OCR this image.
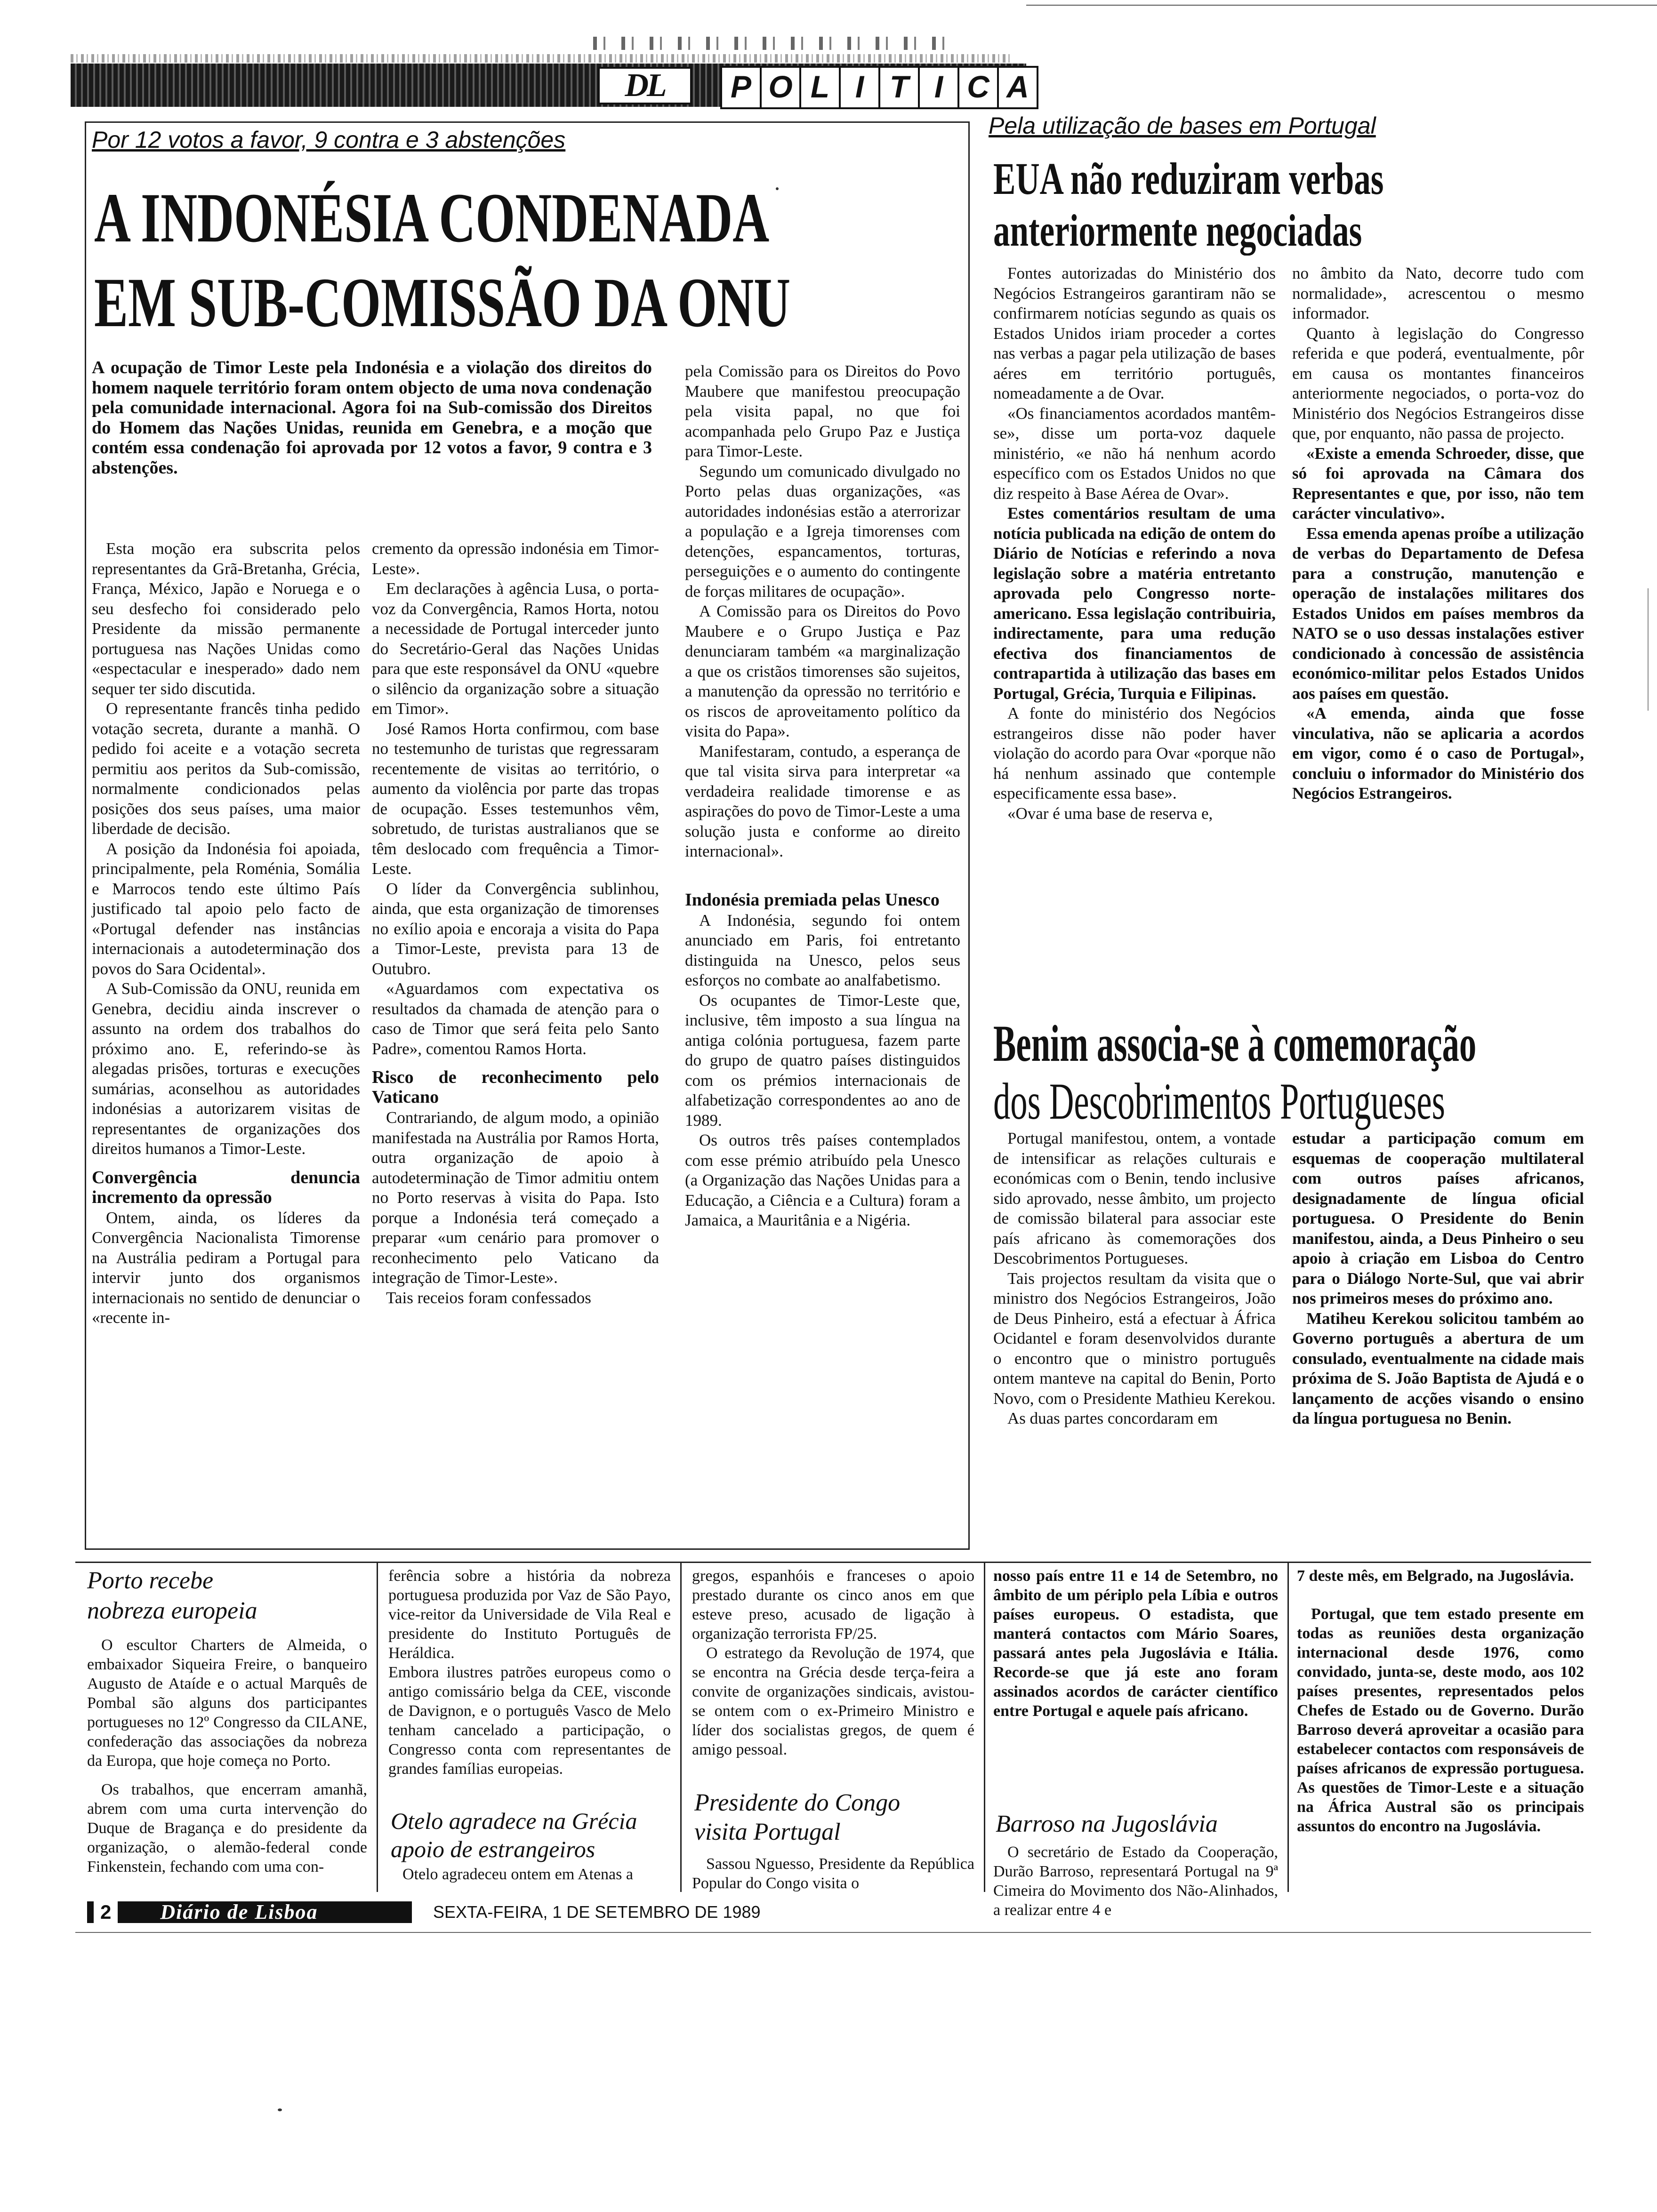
DL P O L I T I C A
Por 12 votos a favor, 9 contra e 3 abstenções
A INDONÉSIA CONDENADA
EM SUB-COMISSÃO DA ONU
A ocupação de Timor Leste pela Indonésia e a violação dos direitos do homem naquele território foram ontem objecto de uma nova condenação pela comunidade internacional. Agora foi na Sub-comissão dos Direitos do Homem das Nações Unidas, reunida em Genebra, e a moção que contém essa condenação foi aprovada por 12 votos a favor, 9 contra e 3 abstenções.

Esta moção era subscrita pelos representantes da Grã-Bretanha, Grécia, França, México, Japão e Noruega e o seu desfecho foi considerado pelo Presidente da missão permanente portuguesa nas Nações Unidas como «espectacular e inesperado» dado nem sequer ter sido discutida.

O representante francês tinha pedido votação secreta, durante a manhã. O pedido foi aceite e a votação secreta permitiu aos peritos da Sub-comissão, normalmente condicionados pelas posições dos seus países, uma maior liberdade de decisão.

A posição da Indonésia foi apoiada, principalmente, pela Roménia, Somália e Marrocos tendo este último País justificado tal apoio pelo facto de «Portugal defender nas instâncias internacionais a autodeterminação dos povos do Sara Ocidental».

A Sub-Comissão da ONU, reunida em Genebra, decidiu ainda inscrever o assunto na ordem dos trabalhos do próximo ano. E, referindo-se às alegadas prisões, torturas e execuções sumárias, aconselhou as autoridades indonésias a autorizarem visitas de representantes de organizações dos direitos humanos a Timor-Leste.

Convergência denuncia incremento da opressão

Ontem, ainda, os líderes da Convergência Nacionalista Timorense na Austrália pediram a Portugal para intervir junto dos organismos internacionais no sentido de denunciar o «recente in-

cremento da opressão indonésia em Timor-Leste».

Em declarações à agência Lusa, o porta-voz da Convergência, Ramos Horta, notou a necessidade de Portugal interceder junto do Secretário-Geral das Nações Unidas para que este responsável da ONU «quebre o silêncio da organização sobre a situação em Timor».

José Ramos Horta confirmou, com base no testemunho de turistas que regressaram recentemente de visitas ao território, o aumento da violência por parte das tropas de ocupação. Esses testemunhos vêm, sobretudo, de turistas australianos que se têm deslocado com frequência a Timor-Leste.

O líder da Convergência sublinhou, ainda, que esta organização de timorenses no exílio apoia e encoraja a visita do Papa a Timor-Leste, prevista para 13 de Outubro.

«Aguardamos com expectativa os resultados da chamada de atenção para o caso de Timor que será feita pelo Santo Padre», comentou Ramos Horta.

Risco de reconhecimento pelo Vaticano

Contrariando, de algum modo, a opinião manifestada na Austrália por Ramos Horta, outra organização de apoio à autodeterminação de Timor admitiu ontem no Porto reservas à visita do Papa. Isto porque a Indonésia terá começado a preparar «um cenário para promover o reconhecimento pelo Vaticano da integração de Timor-Leste».

Tais receios foram confessados

pela Comissão para os Direitos do Povo Maubere que manifestou preocupação pela visita papal, no que foi acompanhada pelo Grupo Paz e Justiça para Timor-Leste.

Segundo um comunicado divulgado no Porto pelas duas organizações, «as autoridades indonésias estão a aterrorizar a população e a Igreja timorenses com detenções, espancamentos, torturas, perseguições e o aumento do contingente de forças militares de ocupação».

A Comissão para os Direitos do Povo Maubere e o Grupo Justiça e Paz denunciaram também «a marginalização a que os cristãos timorenses são sujeitos, a manutenção da opressão no território e os riscos de aproveitamento político da visita do Papa».

Manifestaram, contudo, a esperança de que tal visita sirva para interpretar «a verdadeira realidade timorense e as aspirações do povo de Timor-Leste a uma solução justa e conforme ao direito internacional».

Indonésia premiada pelas Unesco

A Indonésia, segundo foi ontem anunciado em Paris, foi entretanto distinguida na Unesco, pelos seus esforços no combate ao analfabetismo.

Os ocupantes de Timor-Leste que, inclusive, têm imposto a sua língua na antiga colónia portuguesa, fazem parte do grupo de quatro países distinguidos com os prémios internacionais de alfabetização correspondentes ao ano de 1989.

Os outros três países contemplados com esse prémio atribuído pela Unesco (a Organização das Nações Unidas para a Educação, a Ciência e a Cultura) foram a Jamaica, a Mauritânia e a Nigéria.

Pela utilização de bases em Portugal
EUA não reduziram verbas
anteriormente negociadas

Fontes autorizadas do Ministério dos Negócios Estrangeiros garantiram não se confirmarem notícias segundo as quais os Estados Unidos iriam proceder a cortes nas verbas a pagar pela utilização de bases aéres em território português, nomeadamente a de Ovar.

«Os financiamentos acordados mantêm-se», disse um porta-voz daquele ministério, «e não há nenhum acordo específico com os Estados Unidos no que diz respeito à Base Aérea de Ovar».

Estes comentários resultam de uma notícia publicada na edição de ontem do Diário de Notícias e referindo a nova legislação sobre a matéria entretanto aprovada pelo Congresso norte-americano. Essa legislação contribuiria, indirectamente, para uma redução efectiva dos financiamentos de contrapartida à utilização das bases em Portugal, Grécia, Turquia e Filipinas.

A fonte do ministério dos Negócios estrangeiros disse não poder haver violação do acordo para Ovar «porque não há nenhum assinado que contemple especificamente essa base».

«Ovar é uma base de reserva e,

no âmbito da Nato, decorre tudo com normalidade», acrescentou o mesmo informador.

Quanto à legislação do Congresso referida e que poderá, eventualmente, pôr em causa os montantes financeiros anteriormente negociados, o porta-voz do Ministério dos Negócios Estrangeiros disse que, por enquanto, não passa de projecto.

«Existe a emenda Schroeder, disse, que só foi aprovada na Câmara dos Representantes e que, por isso, não tem carácter vinculativo».

Essa emenda apenas proíbe a utilização de verbas do Departamento de Defesa para a construção, manutenção e operação de instalações militares dos Estados Unidos em países membros da NATO se o uso dessas instalações estiver condicionado à concessão de assistência económico-militar pelos Estados Unidos aos países em questão.

«A emenda, ainda que fosse vinculativa, não se aplicaria a acordos em vigor, como é o caso de Portugal», concluiu o informador do Ministério dos Negócios Estrangeiros.

Benim associa-se à comemoração
dos Descobrimentos Portugueses

Portugal manifestou, ontem, a vontade de intensificar as relações culturais e económicas com o Benin, tendo inclusive sido aprovado, nesse âmbito, um projecto de comissão bilateral para associar este país africano às comemorações dos Descobrimentos Portugueses.

Tais projectos resultam da visita que o ministro dos Negócios Estrangeiros, João de Deus Pinheiro, está a efectuar à África Ocidantel e foram desenvolvidos durante o encontro que o ministro português ontem manteve na capital do Benin, Porto Novo, com o Presidente Mathieu Kerekou.

As duas partes concordaram em

estudar a participação comum em esquemas de cooperação multilateral com outros países africanos, designadamente de língua oficial portuguesa. O Presidente do Benin manifestou, ainda, a Deus Pinheiro o seu apoio à criação em Lisboa do Centro para o Diálogo Norte-Sul, que vai abrir nos primeiros meses do próximo ano.

Matiheu Kerekou solicitou também ao Governo português a abertura de um consulado, eventualmente na cidade mais próxima de S. João Baptista de Ajudá e o lançamento de acções visando o ensino da língua portuguesa no Benin.

Porto recebe
nobreza europeia

O escultor Charters de Almeida, o embaixador Siqueira Freire, o banqueiro Augusto de Ataíde e o actual Marquês de Pombal são alguns dos participantes portugueses no 12º Congresso da CILANE, confederação das associações da nobreza da Europa, que hoje começa no Porto.

Os trabalhos, que encerram amanhã, abrem com uma curta intervenção do Duque de Bragança e do presidente da organização, o alemão-federal conde Finkenstein, fechando com uma con-

ferência sobre a história da nobreza portuguesa produzida por Vaz de São Payo, vice-reitor da Universidade de Vila Real e presidente do Instituto Português de Heráldica.

Embora ilustres patrões europeus como o antigo comissário belga da CEE, visconde de Davignon, e o português Vasco de Melo tenham cancelado a participação, o Congresso conta com representantes de grandes famílias europeias.

Otelo agradece na Grécia
apoio de estrangeiros

Otelo agradeceu ontem em Atenas a

gregos, espanhóis e franceses o apoio prestado durante os cinco anos em que esteve preso, acusado de ligação à organização terrorista FP/25.

O estratego da Revolução de 1974, que se encontra na Grécia desde terça-feira a convite de organizações sindicais, avistou-se ontem com o ex-Primeiro Ministro e líder dos socialistas gregos, de quem é amigo pessoal.

Presidente do Congo
visita Portugal

Sassou Nguesso, Presidente da República Popular do Congo visita o

nosso país entre 11 e 14 de Setembro, no âmbito de um périplo pela Líbia e outros países europeus. O estadista, que manterá contactos com Mário Soares, passará antes pela Jugoslávia e Itália. Recorde-se que já este ano foram assinados acordos de carácter científico entre Portugal e aquele país africano.

Barroso na Jugoslávia

O secretário de Estado da Cooperação, Durão Barroso, representará Portugal na 9ª Cimeira do Movimento dos Não-Alinhados, a realizar entre 4 e

7 deste mês, em Belgrado, na Jugoslávia.

Portugal, que tem estado presente em todas as reuniões desta organização internacional desde 1976, como convidado, junta-se, deste modo, aos 102 países presentes, representados pelos Chefes de Estado ou de Governo. Durão Barroso deverá aproveitar a ocasião para estabelecer contactos com responsáveis de países africanos de expressão portuguesa. As questões de Timor-Leste e a situação na África Austral são os principais assuntos do encontro na Jugoslávia.

2	Diário de Lisboa	SEXTA-FEIRA, 1 DE SETEMBRO DE 1989
